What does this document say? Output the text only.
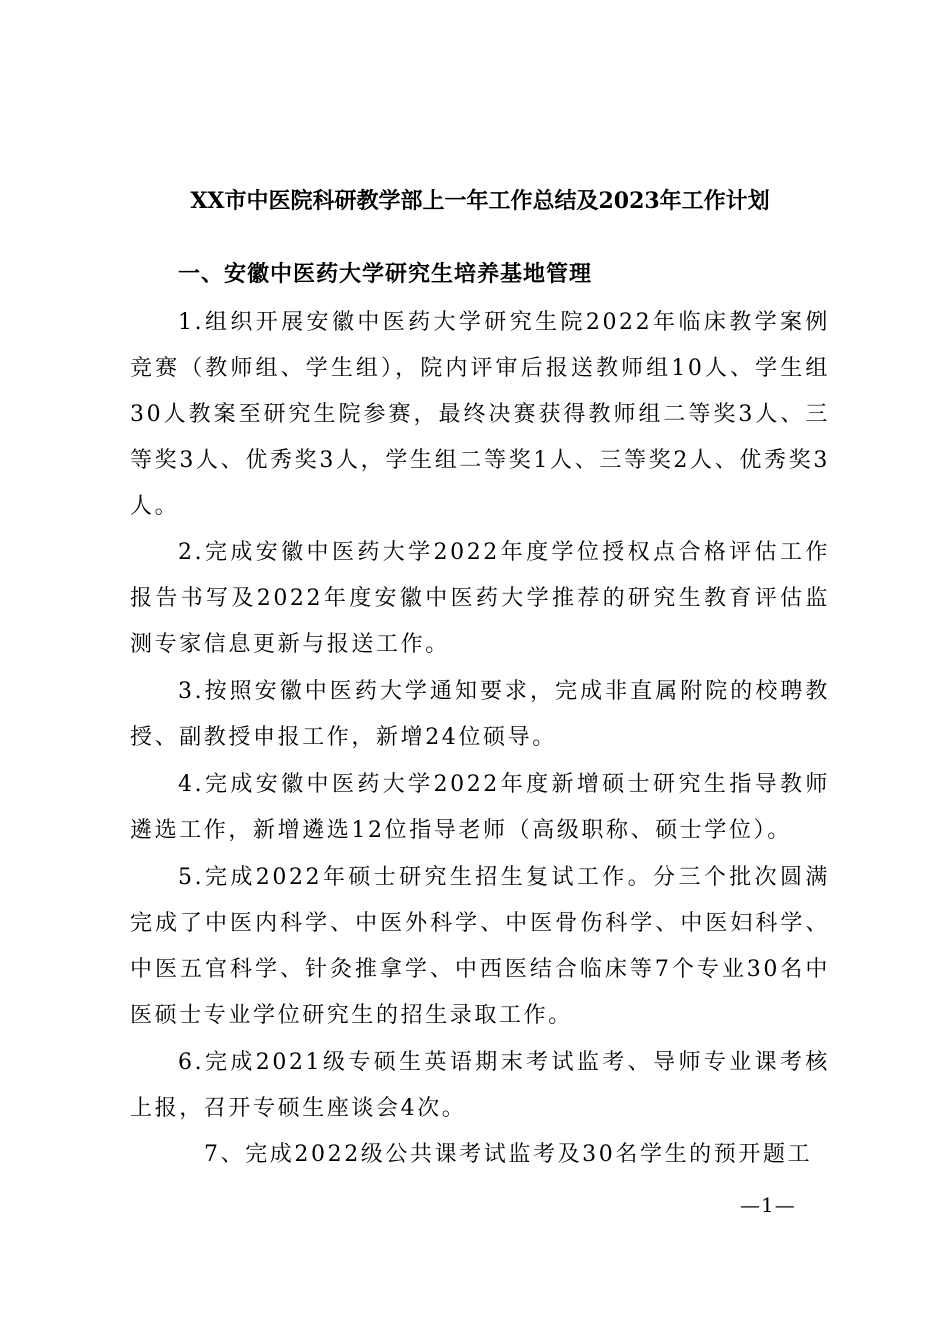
XX市中医院科研教学部上一年工作总结及2023年工作计划
一、安徽中医药大学研究生培养基地管理

1.组织开展安徽中医药大学研究生院2022年临床教学案例竞赛（教师组、学生组），院内评审后报送教师组10人、学生组30人教案至研究生院参赛，最终决赛获得教师组二等奖3人、三等奖3人、优秀奖3人，学生组二等奖1人、三等奖2人、优秀奖3人。

2.完成安徽中医药大学2022年度学位授权点合格评估工作报告书写及2022年度安徽中医药大学推荐的研究生教育评估监测专家信息更新与报送工作。

3.按照安徽中医药大学通知要求，完成非直属附院的校聘教授、副教授申报工作，新增24位硕导。

4.完成安徽中医药大学2022年度新增硕士研究生指导教师遴选工作，新增遴选12位指导老师（高级职称、硕士学位）。

5.完成2022年硕士研究生招生复试工作。分三个批次圆满完成了中医内科学、中医外科学、中医骨伤科学、中医妇科学、中医五官科学、针灸推拿学、中西医结合临床等7个专业30名中医硕士专业学位研究生的招生录取工作。

6.完成2021级专硕生英语期末考试监考、导师专业课考核上报，召开专硕生座谈会4次。

7、完成2022级公共课考试监考及30名学生的预开题工

—1—
